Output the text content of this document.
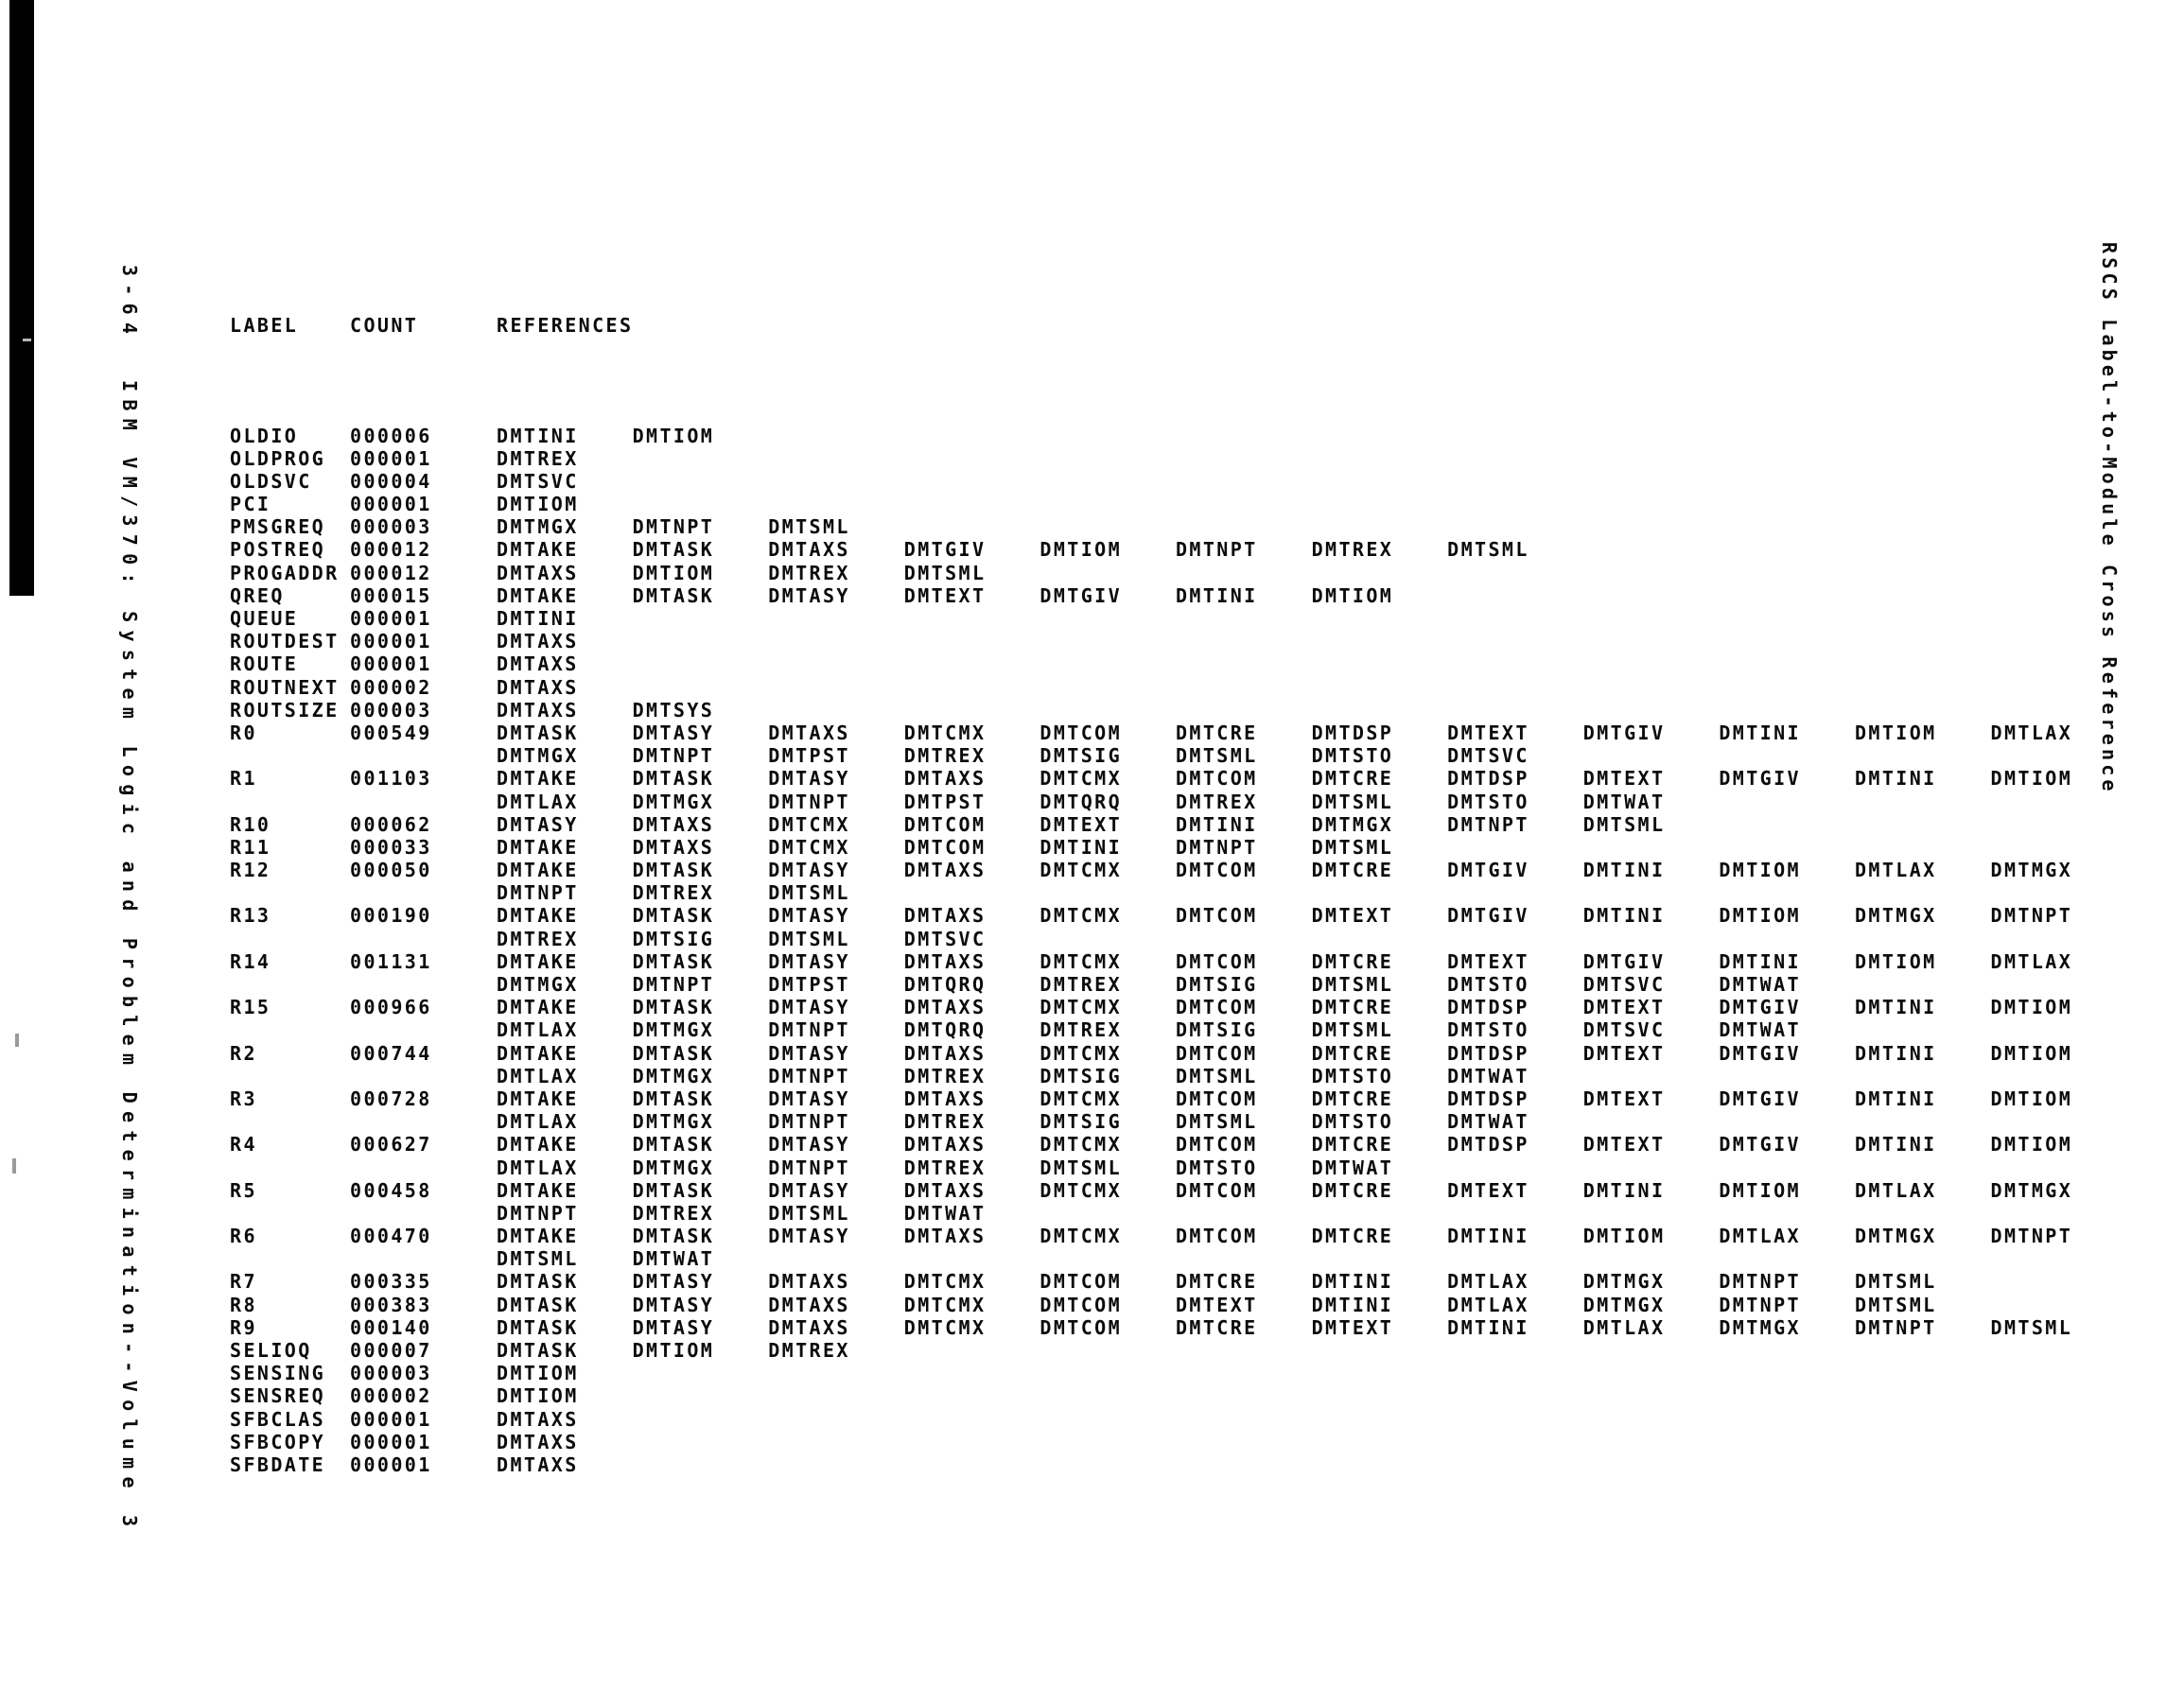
3-64  IBM VM/370: System Logic and Problem Determination--Volume 3	RSCS Label-to-Module Cross Reference

LABEL	COUNT	REFERENCES

OLDIO	000006	DMTINI	DMTIOM
OLDPROG	000001	DMTREX
OLDSVC	000004	DMTSVC
PCI	000001	DMTIOM
PMSGREQ	000003	DMTMGX	DMTNPT	DMTSML
POSTREQ	000012	DMTAKE	DMTASK	DMTAXS	DMTGIV	DMTIOM	DMTNPT	DMTREX	DMTSML
PROGADDR 000012	DMTAXS	DMTIOM	DMTREX	DMTSML
QREQ	000015	DMTAKE	DMTASK	DMTASY	DMTEXT	DMTGIV	DMTINI	DMTIOM
QUEUE	000001	DMTINI
ROUTDEST 000001	DMTAXS
ROUTE	000001	DMTAXS
ROUTNEXT 000002	DMTAXS
ROUTSIZE 000003	DMTAXS	DMTSYS
R0	000549	DMTASK	DMTASY	DMTAXS	DMTCMX	DMTCOM	DMTCRE	DMTDSP	DMTEXT	DMTGIV	DMTINI	DMTIOM	DMTLAX
DMTMGX	DMTNPT	DMTPST	DMTREX	DMTSIG	DMTSML	DMTSTO	DMTSVC
R1	001103	DMTAKE	DMTASK	DMTASY	DMTAXS	DMTCMX	DMTCOM	DMTCRE	DMTDSP	DMTEXT	DMTGIV	DMTINI	DMTIOM
DMTLAX	DMTMGX	DMTNPT	DMTPST	DMTQRQ	DMTREX	DMTSML	DMTSTO	DMTWAT
R10	000062	DMTASY	DMTAXS	DMTCMX	DMTCOM	DMTEXT	DMTINI	DMTMGX	DMTNPT	DMTSML
R11	000033	DMTAKE	DMTAXS	DMTCMX	DMTCOM	DMTINI	DMTNPT	DMTSML
R12	000050	DMTAKE	DMTASK	DMTASY	DMTAXS	DMTCMX	DMTCOM	DMTCRE	DMTGIV	DMTINI	DMTIOM	DMTLAX	DMTMGX
DMTNPT	DMTREX	DMTSML
R13	000190	DMTAKE	DMTASK	DMTASY	DMTAXS	DMTCMX	DMTCOM	DMTEXT	DMTGIV	DMTINI	DMTIOM	DMTMGX	DMTNPT
DMTREX	DMTSIG	DMTSML	DMTSVC
R14	001131	DMTAKE	DMTASK	DMTASY	DMTAXS	DMTCMX	DMTCOM	DMTCRE	DMTEXT	DMTGIV	DMTINI	DMTIOM	DMTLAX
DMTMGX	DMTNPT	DMTPST	DMTQRQ	DMTREX	DMTSIG	DMTSML	DMTSTO	DMTSVC	DMTWAT
R15	000966	DMTAKE	DMTASK	DMTASY	DMTAXS	DMTCMX	DMTCOM	DMTCRE	DMTDSP	DMTEXT	DMTGIV	DMTINI	DMTIOM
DMTLAX	DMTMGX	DMTNPT	DMTQRQ	DMTREX	DMTSIG	DMTSML	DMTSTO	DMTSVC	DMTWAT
R2	000744	DMTAKE	DMTASK	DMTASY	DMTAXS	DMTCMX	DMTCOM	DMTCRE	DMTDSP	DMTEXT	DMTGIV	DMTINI	DMTIOM
DMTLAX	DMTMGX	DMTNPT	DMTREX	DMTSIG	DMTSML	DMTSTO	DMTWAT
R3	000728	DMTAKE	DMTASK	DMTASY	DMTAXS	DMTCMX	DMTCOM	DMTCRE	DMTDSP	DMTEXT	DMTGIV	DMTINI	DMTIOM
DMTLAX	DMTMGX	DMTNPT	DMTREX	DMTSIG	DMTSML	DMTSTO	DMTWAT
R4	000627	DMTAKE	DMTASK	DMTASY	DMTAXS	DMTCMX	DMTCOM	DMTCRE	DMTDSP	DMTEXT	DMTGIV	DMTINI	DMTIOM
DMTLAX	DMTMGX	DMTNPT	DMTREX	DMTSML	DMTSTO	DMTWAT
R5	000458	DMTAKE	DMTASK	DMTASY	DMTAXS	DMTCMX	DMTCOM	DMTCRE	DMTEXT	DMTINI	DMTIOM	DMTLAX	DMTMGX
DMTNPT	DMTREX	DMTSML	DMTWAT
R6	000470	DMTAKE	DMTASK	DMTASY	DMTAXS	DMTCMX	DMTCOM	DMTCRE	DMTINI	DMTIOM	DMTLAX	DMTMGX	DMTNPT
DMTSML	DMTWAT
R7	000335	DMTASK	DMTASY	DMTAXS	DMTCMX	DMTCOM	DMTCRE	DMTINI	DMTLAX	DMTMGX	DMTNPT	DMTSML
R8	000383	DMTASK	DMTASY	DMTAXS	DMTCMX	DMTCOM	DMTEXT	DMTINI	DMTLAX	DMTMGX	DMTNPT	DMTSML
R9	000140	DMTASK	DMTASY	DMTAXS	DMTCMX	DMTCOM	DMTCRE	DMTEXT	DMTINI	DMTLAX	DMTMGX	DMTNPT	DMTSML
SELIOQ	000007	DMTASK	DMTIOM	DMTREX
SENSING	000003	DMTIOM
SENSREQ	000002	DMTIOM
SFBCLAS	000001	DMTAXS
SFBCOPY	000001	DMTAXS
SFBDATE	000001	DMTAXS
